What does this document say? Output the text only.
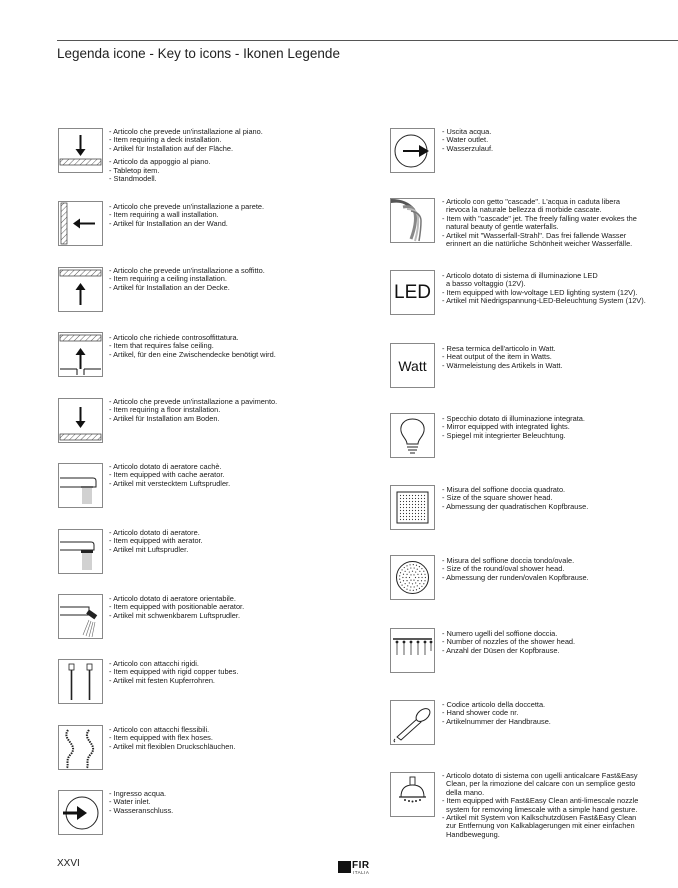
Legenda icone - Key to icons - Ikonen Legende
- Articolo che prevede un'installazione al piano.
- Item requiring a deck installation.
- Artikel für Installation auf der Fläche.
- Articolo da appoggio al piano.
- Tabletop item.
- Standmodell.
- Articolo che prevede un'installazione a parete.
- Item requiring a wall installation.
- Artikel für Installation an der Wand.
- Articolo che prevede un'installazione a soffitto.
- Item requiring a ceiling installation.
- Artikel für Installation an der Decke.
- Articolo che richiede controsoffittatura.
- Item that requires false ceiling.
- Artikel, für den eine Zwischendecke benötigt wird.
- Articolo che prevede un'installazione a pavimento.
- Item requiring a floor installation.
- Artikel für Installation am Boden.
- Articolo dotato di aeratore cachè.
- Item equipped with cache aerator.
- Artikel mit verstecktem Luftsprudler.
- Articolo dotato di aeratore.
- Item equipped with aerator.
- Artikel mit Luftsprudler.
- Articolo dotato di aeratore orientabile.
- Item equipped with positionable aerator.
- Artikel mit schwenkbarem Luftsprudler.
- Articolo con attacchi rigidi.
- Item equipped with rigid copper tubes.
- Artikel mit festen Kupferrohren.
- Articolo con attacchi flessibili.
- Item equipped with flex hoses.
- Artikel mit flexiblen Druckschläuchen.
- Ingresso acqua.
- Water inlet.
- Wasseranschluss.
- Uscita acqua.
- Water outlet.
- Wasserzulauf.
- Articolo con getto "cascade". L'acqua in caduta libera
rievoca la naturale bellezza di morbide cascate.
- Item with "cascade" jet. The freely falling water evokes the
natural beauty of gentle waterfalls.
- Artikel mit "Wasserfall-Strahl". Das frei fallende Wasser
erinnert an die natürliche Schönheit weicher Wasserfälle.
LED
- Articolo dotato di sistema di illuminazione LED
a basso voltaggio (12V).
- Item equipped with low-voltage LED lighting system (12V).
- Artikel mit Niedrigspannung-LED-Beleuchtung System (12V).
Watt
- Resa termica dell'articolo in Watt.
- Heat output of the item in Watts.
- Wärmeleistung des Artikels in Watt.
- Specchio dotato di illuminazione integrata.
- Mirror equipped with integrated lights.
- Spiegel mit integrierter Beleuchtung.
- Misura del soffione doccia quadrato.
- Size of the square shower head.
- Abmessung der quadratischen Kopfbrause.
- Misura del soffione doccia tondo/ovale.
- Size of the round/oval shower head.
- Abmessung der runden/ovalen Kopfbrause.
- Numero ugelli del soffione doccia.
- Number of nozzles of the shower head.
- Anzahl der Düsen der Kopfbrause.
- Codice articolo della doccetta.
- Hand shower code nr.
- Artikelnummer der Handbrause.
- Articolo dotato di sistema con ugelli anticalcare Fast&Easy
Clean, per la rimozione del calcare con un semplice gesto
della mano.
- Item equipped with Fast&Easy Clean anti-limescale nozzle
system for removing limescale with a simple hand gesture.
- Artikel mit System von Kalkschutzdüsen Fast&Easy Clean
zur Entfernung von Kalkablagerungen mit einer einfachen
Handbewegung.
XXVI	FIR
ITALIA
